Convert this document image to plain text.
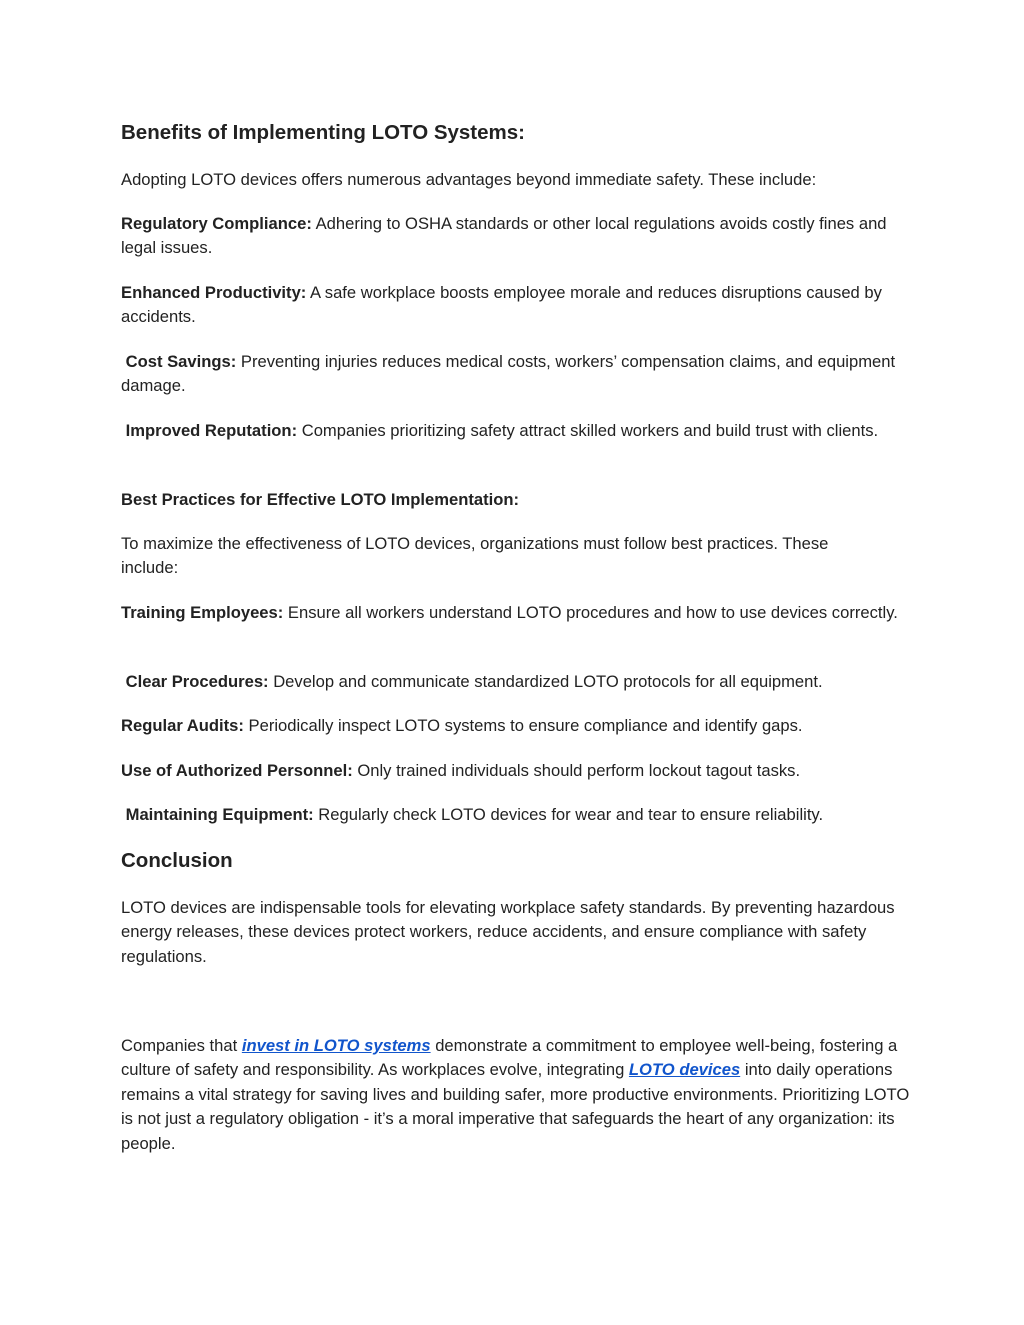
Benefits of Implementing LOTO Systems:

Adopting LOTO devices offers numerous advantages beyond immediate safety. These include:

Regulatory Compliance: Adhering to OSHA standards or other local regulations avoids costly fines and legal issues.

Enhanced Productivity: A safe workplace boosts employee morale and reduces disruptions caused by accidents.

Cost Savings: Preventing injuries reduces medical costs, workers’ compensation claims, and equipment damage.

Improved Reputation: Companies prioritizing safety attract skilled workers and build trust with clients.

Best Practices for Effective LOTO Implementation:

To maximize the effectiveness of LOTO devices, organizations must follow best practices. These include:

Training Employees: Ensure all workers understand LOTO procedures and how to use devices correctly.

Clear Procedures: Develop and communicate standardized LOTO protocols for all equipment.

Regular Audits: Periodically inspect LOTO systems to ensure compliance and identify gaps.

Use of Authorized Personnel: Only trained individuals should perform lockout tagout tasks.

Maintaining Equipment: Regularly check LOTO devices for wear and tear to ensure reliability.

Conclusion

LOTO devices are indispensable tools for elevating workplace safety standards. By preventing hazardous energy releases, these devices protect workers, reduce accidents, and ensure compliance with safety regulations.

Companies that invest in LOTO systems demonstrate a commitment to employee well-being, fostering a culture of safety and responsibility. As workplaces evolve, integrating LOTO devices into daily operations remains a vital strategy for saving lives and building safer, more productive environments. Prioritizing LOTO is not just a regulatory obligation - it’s a moral imperative that safeguards the heart of any organization: its people.
